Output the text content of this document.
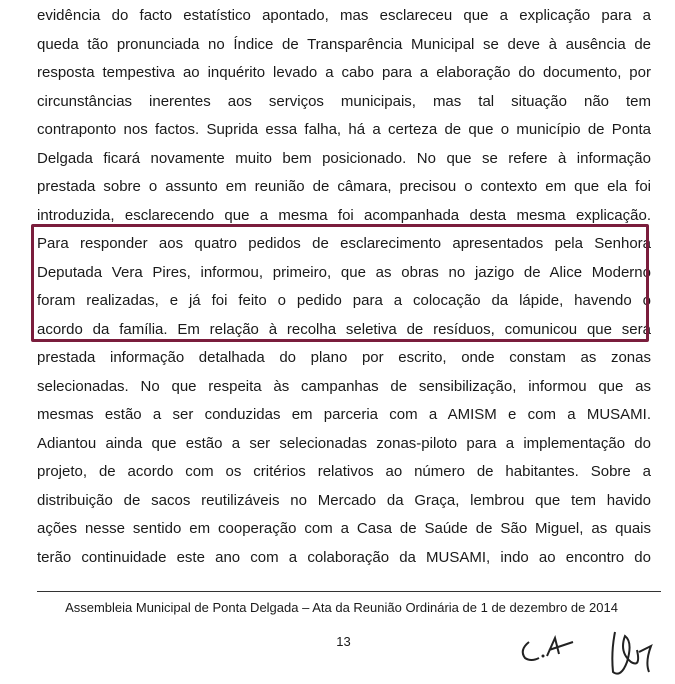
evidência do facto estatístico apontado, mas esclareceu que a explicação para a
queda tão pronunciada no Índice de Transparência Municipal se deve à ausência de
resposta tempestiva ao inquérito levado a cabo para a elaboração do documento, por
circunstâncias inerentes aos serviços municipais, mas tal situação não tem
contraponto nos factos. Suprida essa falha, há a certeza de que o município de Ponta
Delgada ficará novamente muito bem posicionado. No que se refere à informação
prestada sobre o assunto em reunião de câmara, precisou o contexto em que ela foi
introduzida, esclarecendo que a mesma foi acompanhada desta mesma explicação.
Para responder aos quatro pedidos de esclarecimento apresentados pela Senhora
Deputada Vera Pires, informou, primeiro, que as obras no jazigo de Alice Moderno
foram realizadas, e já foi feito o pedido para a colocação da lápide, havendo o
acordo da família. Em relação à recolha seletiva de resíduos, comunicou que será
prestada informação detalhada do plano por escrito, onde constam as zonas
selecionadas. No que respeita às campanhas de sensibilização, informou que as
mesmas estão a ser conduzidas em parceria com a AMISM e com a MUSAMI.
Adiantou ainda que estão a ser selecionadas zonas-piloto para a implementação do
projeto, de acordo com os critérios relativos ao número de habitantes. Sobre a
distribuição de sacos reutilizáveis no Mercado da Graça, lembrou que tem havido
ações nesse sentido em cooperação com a Casa de Saúde de São Miguel, as quais
terão continuidade este ano com a colaboração da MUSAMI, indo ao encontro do
Assembleia Municipal de Ponta Delgada – Ata da Reunião Ordinária de 1 de dezembro de 2014
13
